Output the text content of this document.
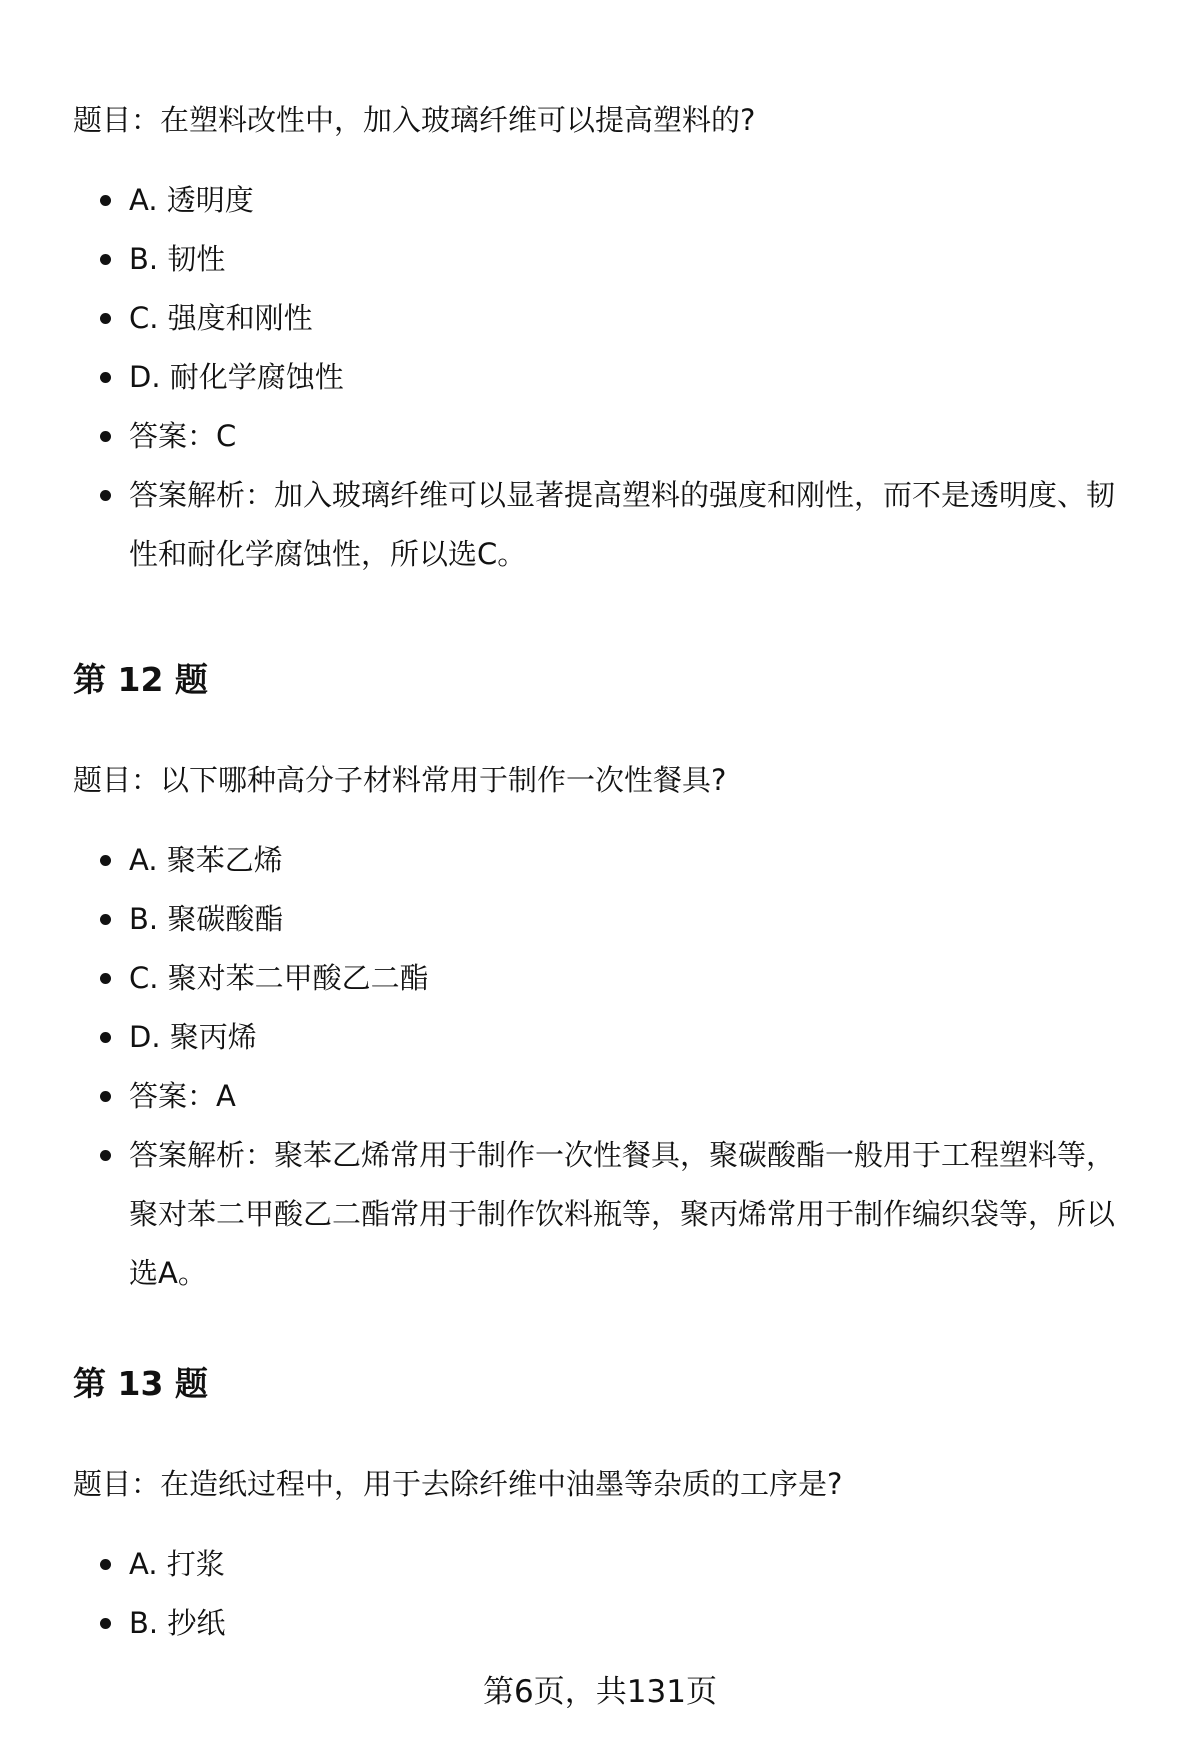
题目：在塑料改性中，加入玻璃纤维可以提高塑料的?

A. 透明度
B. 韧性
C. 强度和刚性
D. 耐化学腐蚀性
答案：C
答案解析：加入玻璃纤维可以显著提高塑料的强度和刚性，而不是透明度、韧性和耐化学腐蚀性，所以选C。
第 12 题

题目：以下哪种高分子材料常用于制作一次性餐具?

A. 聚苯乙烯
B. 聚碳酸酯
C. 聚对苯二甲酸乙二酯
D. 聚丙烯
答案：A
答案解析：聚苯乙烯常用于制作一次性餐具，聚碳酸酯一般用于工程塑料等，聚对苯二甲酸乙二酯常用于制作饮料瓶等，聚丙烯常用于制作编织袋等，所以选A。
第 13 题

题目：在造纸过程中，用于去除纤维中油墨等杂质的工序是?

A. 打浆
B. 抄纸
第6页，共131页
